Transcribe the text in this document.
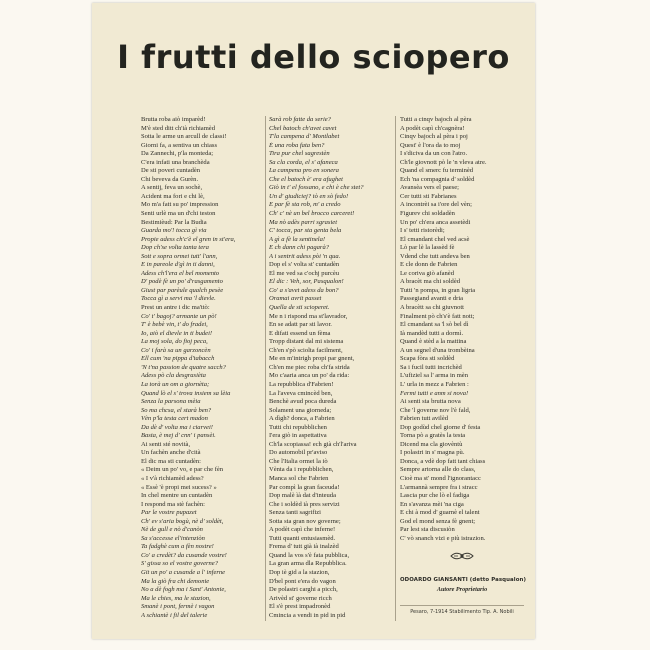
I frutti dello sciopero
Brutta roba aiò imparèd!
M'è sted ditt ch'ià richiamèd
Sotta le arme un arcull de classi!
Giorni fa, a sentiva un chiass
Da Zannechi, p'la monteda;
C'era infati una branchèda
De sti poveri cuntadèn
Chi beveva da Gurèn.
A sentij, feva un sochè,
Acident ma fori e chi lè,
Mo m'a fatt su po' impression
Senti urlè ma un d'chi teston
Bestimièud: Par la Budia
Guarda mo'! tocca gì via
Propie adess ch'c'è el gren in st'era,
Dop ch'se volta tanta tera
Sott e sopra ormei tutt' l'ann,
E in pareole d'gì in ti danni,
Adess ch'l'era el bel momento
D' podè fè un po' d'rasgamento
Giust par parèule qualch pesèe
Tocca gì a servi ma 'l dievle.
Prest un antre i dic ma'ttò:
Co' t' bagoj? armante un pò!
T' è bebè vin, t' do fradei,
Io, aiò el dievle in ti budei!
La moj sola, do fioj peca,
Co' i farà sa un garzoncèn
Ell cum 'na pippa d'tabacch
'N t'na passion de quatre sacch?
Adess pò cla desgrasièta
La torà un om a giornèta;
Quand lò el s' trova insiem sa lèia
Senza la parsona mèia
So ma chcsa, el starà ben?
Vèn p'la testa cert madon
Da dè d' volta ma i ciarvei!
Basta, è mej d' cnn' i pansèi.
Ai senti sté novità,
Un fachèn anche d'cità
El dic ma sti cuntadèn:
« Deim un po' vo, e par che fèn
« I v'à richiamèd adess?
« Essè 'è propi mei sucess? »
In chel mentre un cuntadèn
I respond ma stè fachèn:
Par le vostre pupazet
Ch' ev s'aria bogù, nè d' soldèt,
Nè de gull e nò d'canòn
Sa s'accesse el'intenziòn
Ta fadghè cum a fèn nostre!
Co' a credèt? da cusande vostre!
S' gissa so el vostre governe?
Git un po' a cusande a l' inferne
Ma la giò fra chi demonie
No a dè fogh ma i Sant' Antonie,
Ma le chies, ma le stazion,
Smanè i pont, fermè i vagon
A schiantè i fil del talerie
Sarà rob fatte da serie?
Chel batoch ch'avet cavet
T'la campena d' Montlabet
È una roba fata ben?
Tira pur chel sagrestèn
Sa cla corda, el s' afaneca
La campena pro en sonera
Che el batoch è' era afughet
Giò in t' el fossano, e chi è che stet?
Un d' giudiciej? tò en sò fedo!
E par fè sta rob, m' a credo
Ch' c' nè un bel brocco carceret!
Ma nò adès parri sgrasiet
C' tocca, par sta genta bela
A gì a fè la sentinela!
E ch dann chi pagarà?
A i sentrit adess pòi 'n qua.
Dop el s' volta st' cuntadèn
El me ved sa c'ochj purcèu
El dic : Veh, sor, Pasqualon!
Co' a s'avet adess da bon?
Oramai avrit passet
Quella de sti scioperet.
Me n i rispond ma st'lavrador,
En se adatt par sti lavor.
E difati essend un fèma
Tropp distant dal mi sistema
Ch'en s'pò sciolta facilment,
Me en m'intrigh propi par gnent,
Ch'en me piec roba ch'fa strida
Mo c'aaria anca un po' da rida:
La repubblica d'Fabrien!
La l'aveva cmincèd ben,
Benchè avud poca dureda
Solament una giorneda;
A dìgh? donca, a Fabrien
Tutti chi repubblichen
I'era giò in aspettativa
Ch'la scopiassa! ech già ch'l'ariva
Do automobil pr'aviso
Che l'Italia ormei la iò
Vènta da i repubblichen,
Manca sol che Fabrien
Par compì la gran faceuda!
Dop malè ìà dat d'inteuda
Che i soldèd ià pres servizi
Senza tanti sagrifizi
Sotta sta gran nov governe;
A podèt capì che inferne!
Tutti quanti entusiasmèd.
Frema d' tutt già ià inalzèd
Quand la vos s'è fata pubblica,
La gran arma dla Repubblica.
Dop iè gid a la stazion,
D'bel pont e'era do vagon
De polastri carghi a picch,
Arivèd st' governe ricch
El s'è prest impadronèd
Cmincia a vendi in pid in pid
Tutti a cinqv bajoch al pèra
A podèt capì ch'cagnèra!
Cinqv bajoch al pèra i poj
Quest' è l'ora da to moj
I s'diciva da un con l'atro.
Ch'le giovnott pò le 'n vleva atre.
Quand el smerc fu terminèd
Ech 'na compagnia d' soldèd
Avansèa vers el paese;
Cer tutti sti Fabrianes
A incontrèi sa i'ore del vèn;
Figurev chi soldadèn
Un po' ch'era anca assetèdi
I s' tetti ristorèdi;
El cmandant chel ved acsè
Lò par lè la lassèd fè
Vdend che tutt andeva ben
E cle donn de Fabrien
Le coriva giò afanèd
A bracèt ma chi soldèd
Tutti 'n pompa, in gran ligria
Passegiand avanti e dria
A bracètt sa chi giuvnott
Finalment pò ch's'è fatt nott;
El cmandant sa 'l sò bel dì
Ià mandèd tutti a dormì.
Quand è stèd a la mattina
A un segnel d'una trombèina
Scapa fòra sti soldèd
Sa i fucil tutti incrichèd
L'ufiziel sa l' arma in mèn
L' urla in mezz a Fabrien :
Fermi tutti e anm si nova!
Ai senti sta brutta nova
Che 'l governe nov l'è fald,
Fabrien tutt avilèd
Dop godùd chel giorne d' festa
Torna pò a gratès la testa
Dicend ma cla giovèntù
I polastri in s' magna pù.
Donca, a vdè dop fatt tant chiass
Sempre artorna alle do class,
Cioè ma st' mond l'ignorantacc
L'armannà sempre fra i stracc
Lascia pur che lò el fadiga
En s'avanza mèi 'na ciga
E chi à mod d' guarnè el talent
God el mond senza fè gnent;
Par lest sta discusiòn
C' vò snanch vizi e più istrazion.
ODOARDO GIANSANTI (detto Pasqualon)
Autore Proprietario
Pesaro, 7-1914 Stabilimento Tip. A. Nobili
